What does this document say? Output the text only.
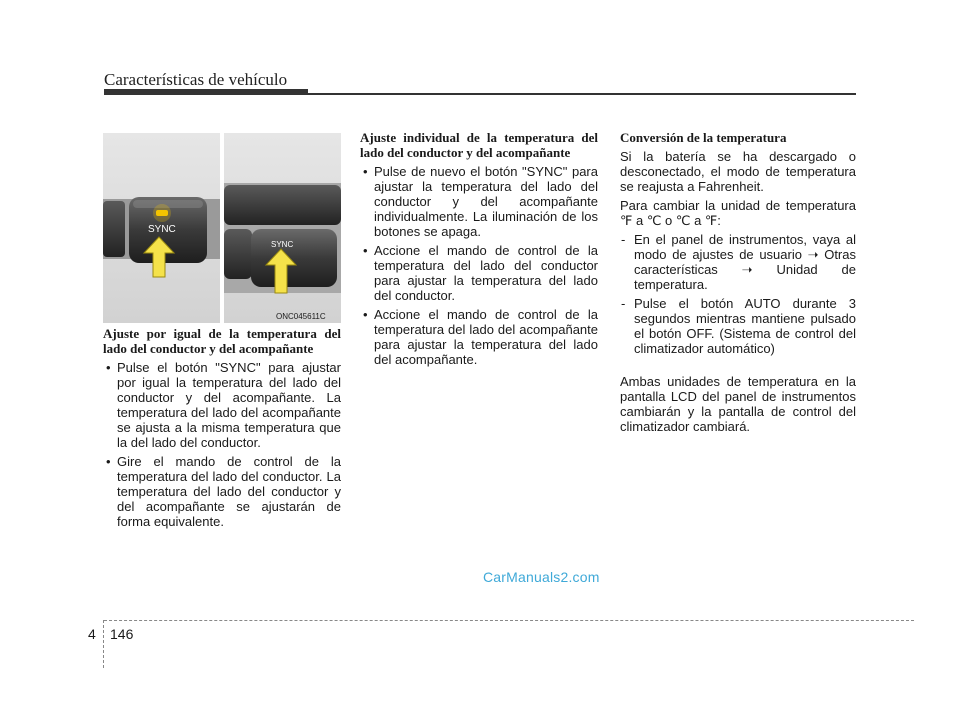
Características de vehículo
SYNC
SYNC
ONC045611C

Ajuste por igual de la temperatura del lado del conductor y del acompañante

• Pulse el botón "SYNC" para ajustar por igual la temperatura del lado del conductor y del acompañante. La temperatura del lado del acompañante se ajusta a la misma temperatura que la del lado del conductor.
• Gire el mando de control de la temperatura del lado del conductor. La temperatura del lado del conductor y del acompañante se ajustarán de forma equivalente.

Ajuste individual de la temperatura del lado del conductor y del acompañante

• Pulse de nuevo el botón "SYNC" para ajustar la temperatura del lado del conductor y del acompañante individualmente. La iluminación de los botones se apaga.
• Accione el mando de control de la temperatura del lado del conductor para ajustar la temperatura del lado del conductor.
• Accione el mando de control de la temperatura del lado del acompañante para ajustar la temperatura del lado del acompañante.

Conversión de la temperatura

Si la batería se ha descargado o desconectado, el modo de temperatura se reajusta a Fahrenheit.

Para cambiar la unidad de temperatura ℉ a ℃ o ℃ a ℉:

- En el panel de instrumentos, vaya al modo de ajustes de usuario ➝ Otras características ➝ Unidad de temperatura.
- Pulse el botón AUTO durante 3 segundos mientras mantiene pulsado el botón OFF. (Sistema de control del climatizador automático)

Ambas unidades de temperatura en la pantalla LCD del panel de instrumentos cambiarán y la pantalla de control del climatizador cambiará.

CarManuals2.com
4 146
